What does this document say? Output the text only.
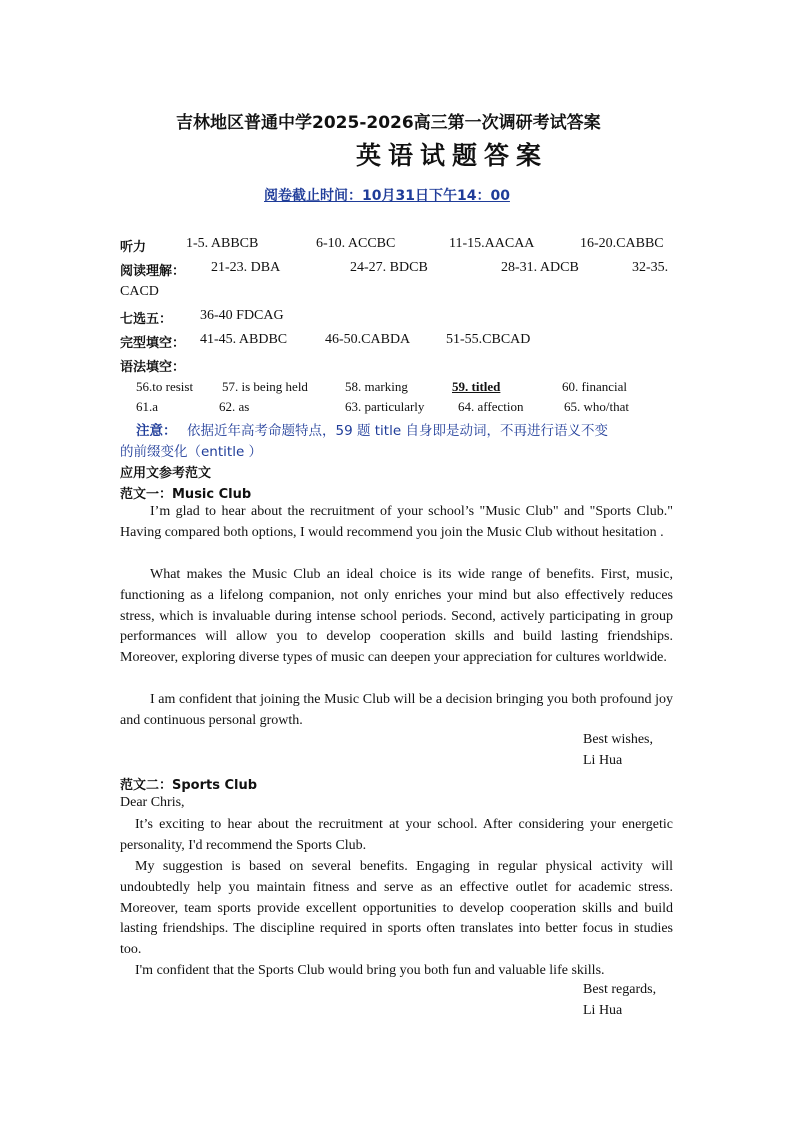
吉林地区普通中学2025-2026高三第一次调研考试答案
英语试题答案
阅卷截止时间：10月31日下午14：00
听力	1-5. ABBCB	6-10. ACCBC	11-15.AACAA	16-20.CABBC
阅读理解： 21-23. DBA	24-27. BDCB	28-31. ADCB	32-35.
CACD
七选五： 36-40 FDCAG
完型填空： 41-45. ABDBC	46-50.CABDA	51-55.CBCAD
语法填空：
56.to resist 57. is being held	58. marking	59. titled	60. financial
61.a	62. as	63. particularly	64. affection	65. who/that
注意： 依据近年高考命题特点，59 题 title 自身即是动词，不再进行语义不变
的前缀变化（entitle ）
应用文参考范文
范文一：Music Club
I’m glad to hear about the recruitment of your school’s "Music Club" and "Sports Club." Having compared both options, I would recommend you join the Music Club without hesitation .
What makes the Music Club an ideal choice is its wide range of benefits. First, music, functioning as a lifelong companion, not only enriches your mind but also effectively reduces stress, which is invaluable during intense school periods. Second, actively participating in group performances will allow you to develop cooperation skills and build lasting friendships. Moreover, exploring diverse types of music can deepen your appreciation for cultures worldwide.
I am confident that joining the Music Club will be a decision bringing you both profound joy and continuous personal growth.
Best wishes,
Li Hua
范文二：Sports Club
Dear Chris,
It’s exciting to hear about the recruitment at your school. After considering your energetic personality, I'd recommend the Sports Club.
My suggestion is based on several benefits. Engaging in regular physical activity will undoubtedly help you maintain fitness and serve as an effective outlet for academic stress. Moreover, team sports provide excellent opportunities to develop cooperation skills and build lasting friendships. The discipline required in sports often translates into better focus in studies too.
I'm confident that the Sports Club would bring you both fun and valuable life skills.
Best regards,
Li Hua
